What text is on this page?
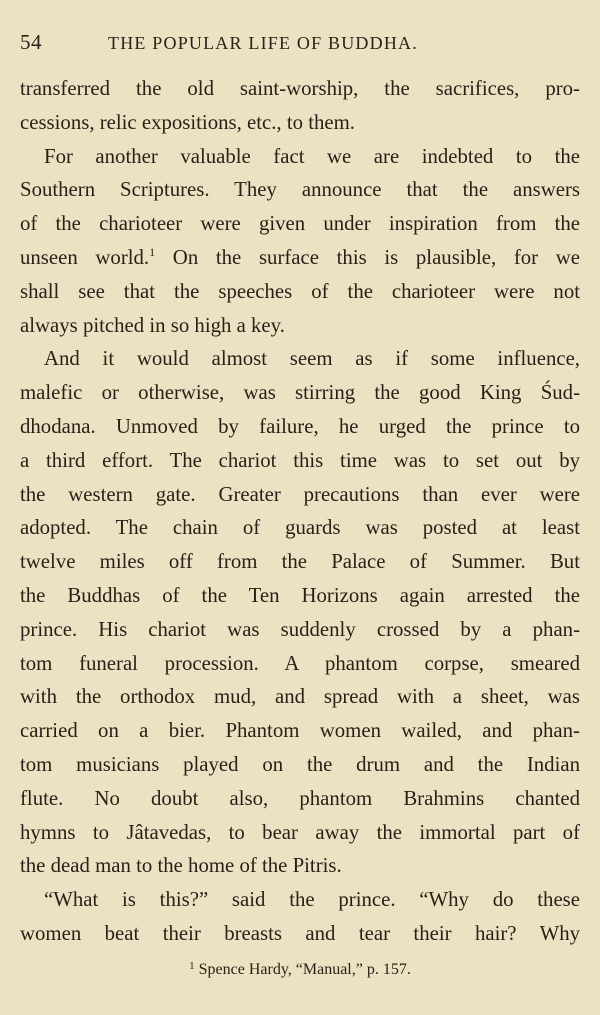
54	THE POPULAR LIFE OF BUDDHA.
transferred the old saint-worship, the sacrifices, pro-
cessions, relic expositions, etc., to them.
For another valuable fact we are indebted to the
Southern Scriptures. They announce that the answers
of the charioteer were given under inspiration from the
unseen world.$^1$ On the surface this is plausible, for we
shall see that the speeches of the charioteer were not
always pitched in so high a key.
And it would almost seem as if some influence,
malefic or otherwise, was stirring the good King Śud-
dhodana. Unmoved by failure, he urged the prince to
a third effort. The chariot this time was to set out by
the western gate. Greater precautions than ever were
adopted. The chain of guards was posted at least
twelve miles off from the Palace of Summer. But
the Buddhas of the Ten Horizons again arrested the
prince. His chariot was suddenly crossed by a phan-
tom funeral procession. A phantom corpse, smeared
with the orthodox mud, and spread with a sheet, was
carried on a bier. Phantom women wailed, and phan-
tom musicians played on the drum and the Indian
flute. No doubt also, phantom Brahmins chanted
hymns to Jâtavedas, to bear away the immortal part of
the dead man to the home of the Pitris.
“What is this?” said the prince. “Why do these
women beat their breasts and tear their hair? Why
$^1$ Spence Hardy, “Manual,” p. 157.
